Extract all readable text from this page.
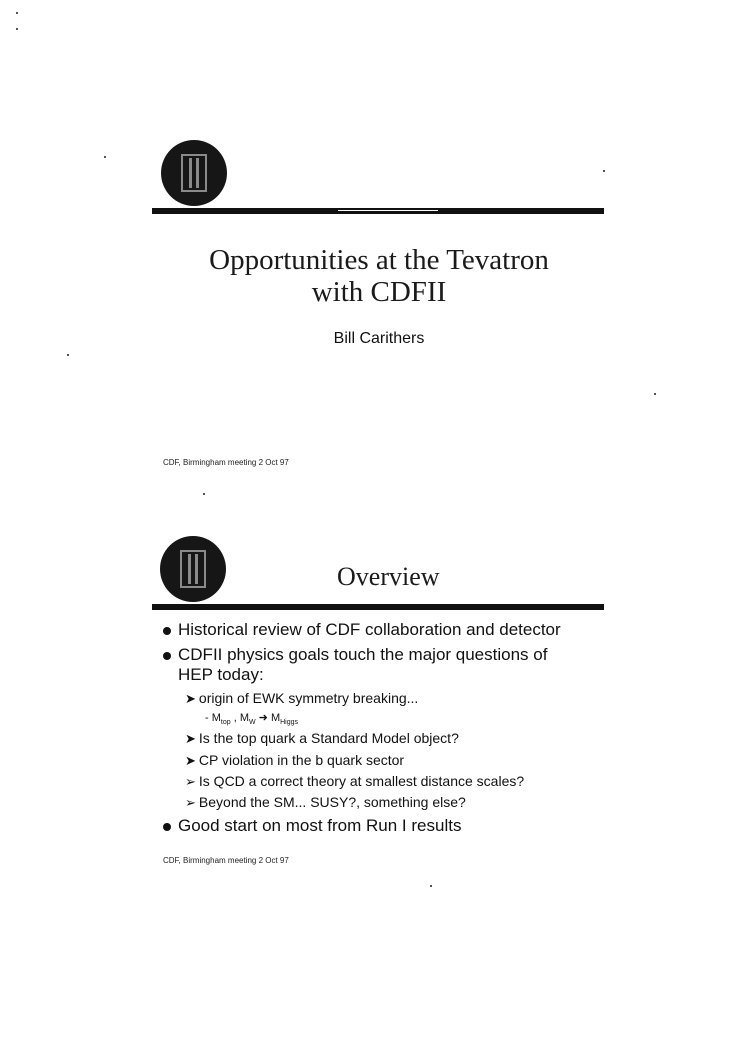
Opportunities at the Tevatron
with CDFII
Bill Carithers
CDF, Birmingham meeting 2 Oct 97
Overview
Historical review of CDF collaboration and detector
CDFII physics goals touch the major questions of
HEP today:
➤ origin of EWK symmetry breaking...
- $M_{top}$ , $M_W$ ➜ $M_{Higgs}$
➤ Is the top quark a Standard Model object?
➤ CP violation in the b quark sector
➢ Is QCD a correct theory at smallest distance scales?
➢ Beyond the SM... SUSY?, something else?
Good start on most from Run I results
CDF, Birmingham meeting 2 Oct 97
